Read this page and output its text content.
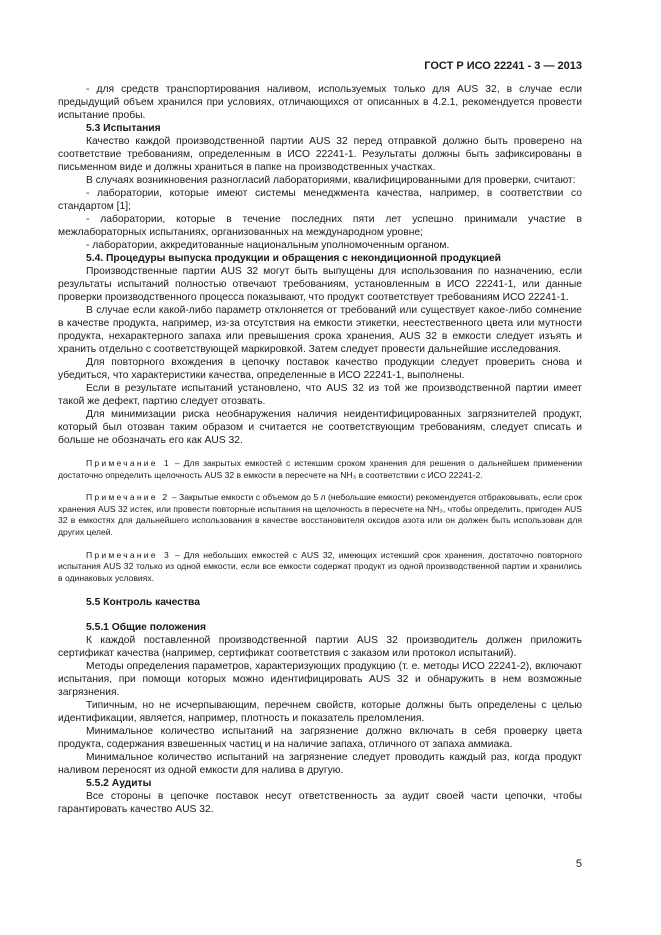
ГОСТ Р ИСО 22241 - 3 — 2013

- для средств транспортирования наливом, используемых только для AUS 32, в случае если предыдущий объем хранился при условиях, отличающихся от описанных в 4.2.1, рекомендуется провести испытание пробы.

5.3 Испытания

Качество каждой производственной партии AUS 32 перед отправкой должно быть проверено на соответствие требованиям, определенным в ИСО 22241-1. Результаты должны быть зафиксированы в письменном виде и должны храниться в папке на производственных участках.

В случаях возникновения разногласий лабораториями, квалифицированными для проверки, считают:

- лаборатории, которые имеют системы менеджмента качества, например, в соответствии со стандартом [1];

- лаборатории, которые в течение последних пяти лет успешно принимали участие в межлабораторных испытаниях, организованных на международном уровне;

- лаборатории, аккредитованные национальным уполномоченным органом.

5.4. Процедуры выпуска продукции и обращения с некондиционной продукцией

Производственные партии AUS 32 могут быть выпущены для использования по назначению, если результаты испытаний полностью отвечают требованиям, установленным в ИСО 22241-1, или данные проверки производственного процесса показывают, что продукт соответствует требованиям ИСО 22241-1.

В случае если какой-либо параметр отклоняется от требований или существует какое-либо сомнение в качестве продукта, например, из-за отсутствия на емкости этикетки, неестественного цвета или мутности продукта, нехарактерного запаха или превышения срока хранения, AUS 32 в емкости следует изъять и хранить отдельно с соответствующей маркировкой. Затем следует провести дальнейшие исследования.

Для повторного вхождения в цепочку поставок качество продукции следует проверить снова и убедиться, что характеристики качества, определенные в ИСО 22241-1, выполнены.

Если в результате испытаний установлено, что AUS 32 из той же производственной партии имеет такой же дефект, партию следует отозвать.

Для минимизации риска необнаружения наличия неидентифицированных загрязнителей продукт, который был отозван таким образом и считается не соответствующим требованиям, следует списать и больше не обозначать его как AUS 32.

Примечание 1 – Для закрытых емкостей с истекшим сроком хранения для решения о дальнейшем применении достаточно определить щелочность AUS 32 в емкости в пересчете на NH₃ в соответствии с ИСО 22241-2.

Примечание 2 – Закрытые емкости с объемом до 5 л (небольшие емкости) рекомендуется отбраковывать, если срок хранения AUS 32 истек, или провести повторные испытания на щелочность в пересчете на NH₃, чтобы определить, пригоден AUS 32 в емкостях для дальнейшего использования в качестве восстановителя оксидов азота или он должен быть использован для других целей.

Примечание 3 – Для небольших емкостей с AUS 32, имеющих истекший срок хранения, достаточно повторного испытания AUS 32 только из одной емкости, если все емкости содержат продукт из одной производственной партии и хранились в одинаковых условиях.

5.5 Контроль качества

5.5.1 Общие положения

К каждой поставленной производственной партии AUS 32 производитель должен приложить сертификат качества (например, сертификат соответствия с заказом или протокол испытаний).

Методы определения параметров, характеризующих продукцию (т. е. методы ИСО 22241-2), включают испытания, при помощи которых можно идентифицировать AUS 32 и обнаружить в нем возможные загрязнения.

Типичным, но не исчерпывающим, перечнем свойств, которые должны быть определены с целью идентификации, является, например, плотность и показатель преломления.

Минимальное количество испытаний на загрязнение должно включать в себя проверку цвета продукта, содержания взвешенных частиц и на наличие запаха, отличного от запаха аммиака.

Минимальное количество испытаний на загрязнение следует проводить каждый раз, когда продукт наливом переносят из одной емкости для налива в другую.

5.5.2 Аудиты

Все стороны в цепочке поставок несут ответственность за аудит своей части цепочки, чтобы гарантировать качество AUS 32.

5
